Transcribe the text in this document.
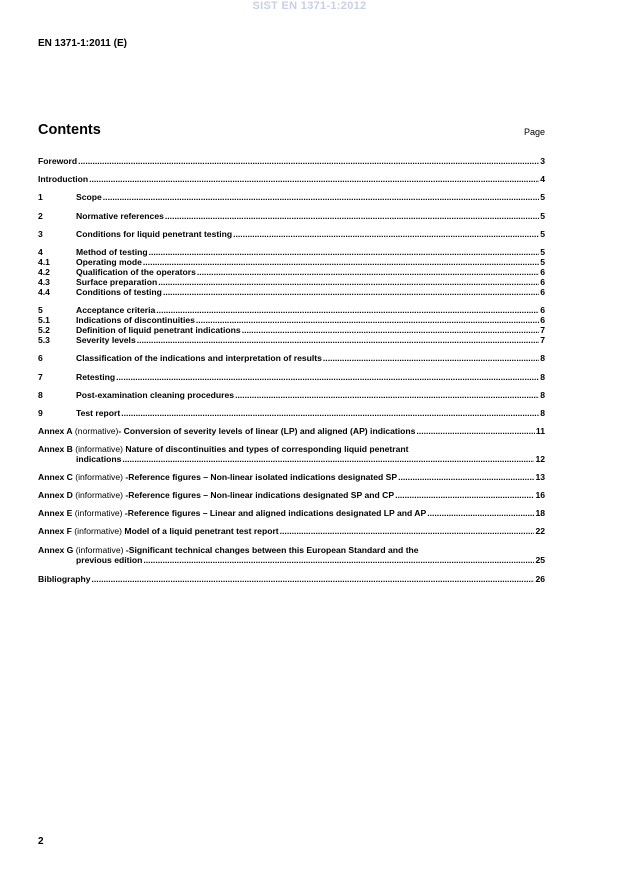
SIST EN 1371-1:2012
EN 1371-1:2011 (E)
Contents	Page
Foreword .....	3
Introduction .....	4
1	Scope .....	5
2	Normative references .....	5
3	Conditions for liquid penetrant testing .....	5
4	Method of testing .....	5
4.1	Operating mode .....	5
4.2	Qualification of the operators .....	6
4.3	Surface preparation .....	6
4.4	Conditions of testing .....	6
5	Acceptance criteria .....	6
5.1	Indications of discontinuities .....	6
5.2	Definition of liquid penetrant indications .....	7
5.3	Severity levels .....	7
6	Classification of the indications and interpretation of results .....	8
7	Retesting .....	8
8	Post-examination cleaning procedures .....	8
9	Test report .....	8
Annex A (normative) - Conversion of severity levels of linear (LP) and aligned (AP) indications .....	11
Annex B (informative) Nature of discontinuities and types of corresponding liquid penetrant
indications .....	12
Annex C (informative) -Reference figures – Non-linear isolated indications designated SP .....	13
Annex D (informative) -Reference figures – Non-linear indications designated SP and CP .....	16
Annex E (informative) -Reference figures – Linear and aligned indications designated LP and AP .....	18
Annex F (informative) Model of a liquid penetrant test report .....	22
Annex G (informative) -Significant technical changes between this European Standard and the
previous edition .....	25
Bibliography .....	26
2
